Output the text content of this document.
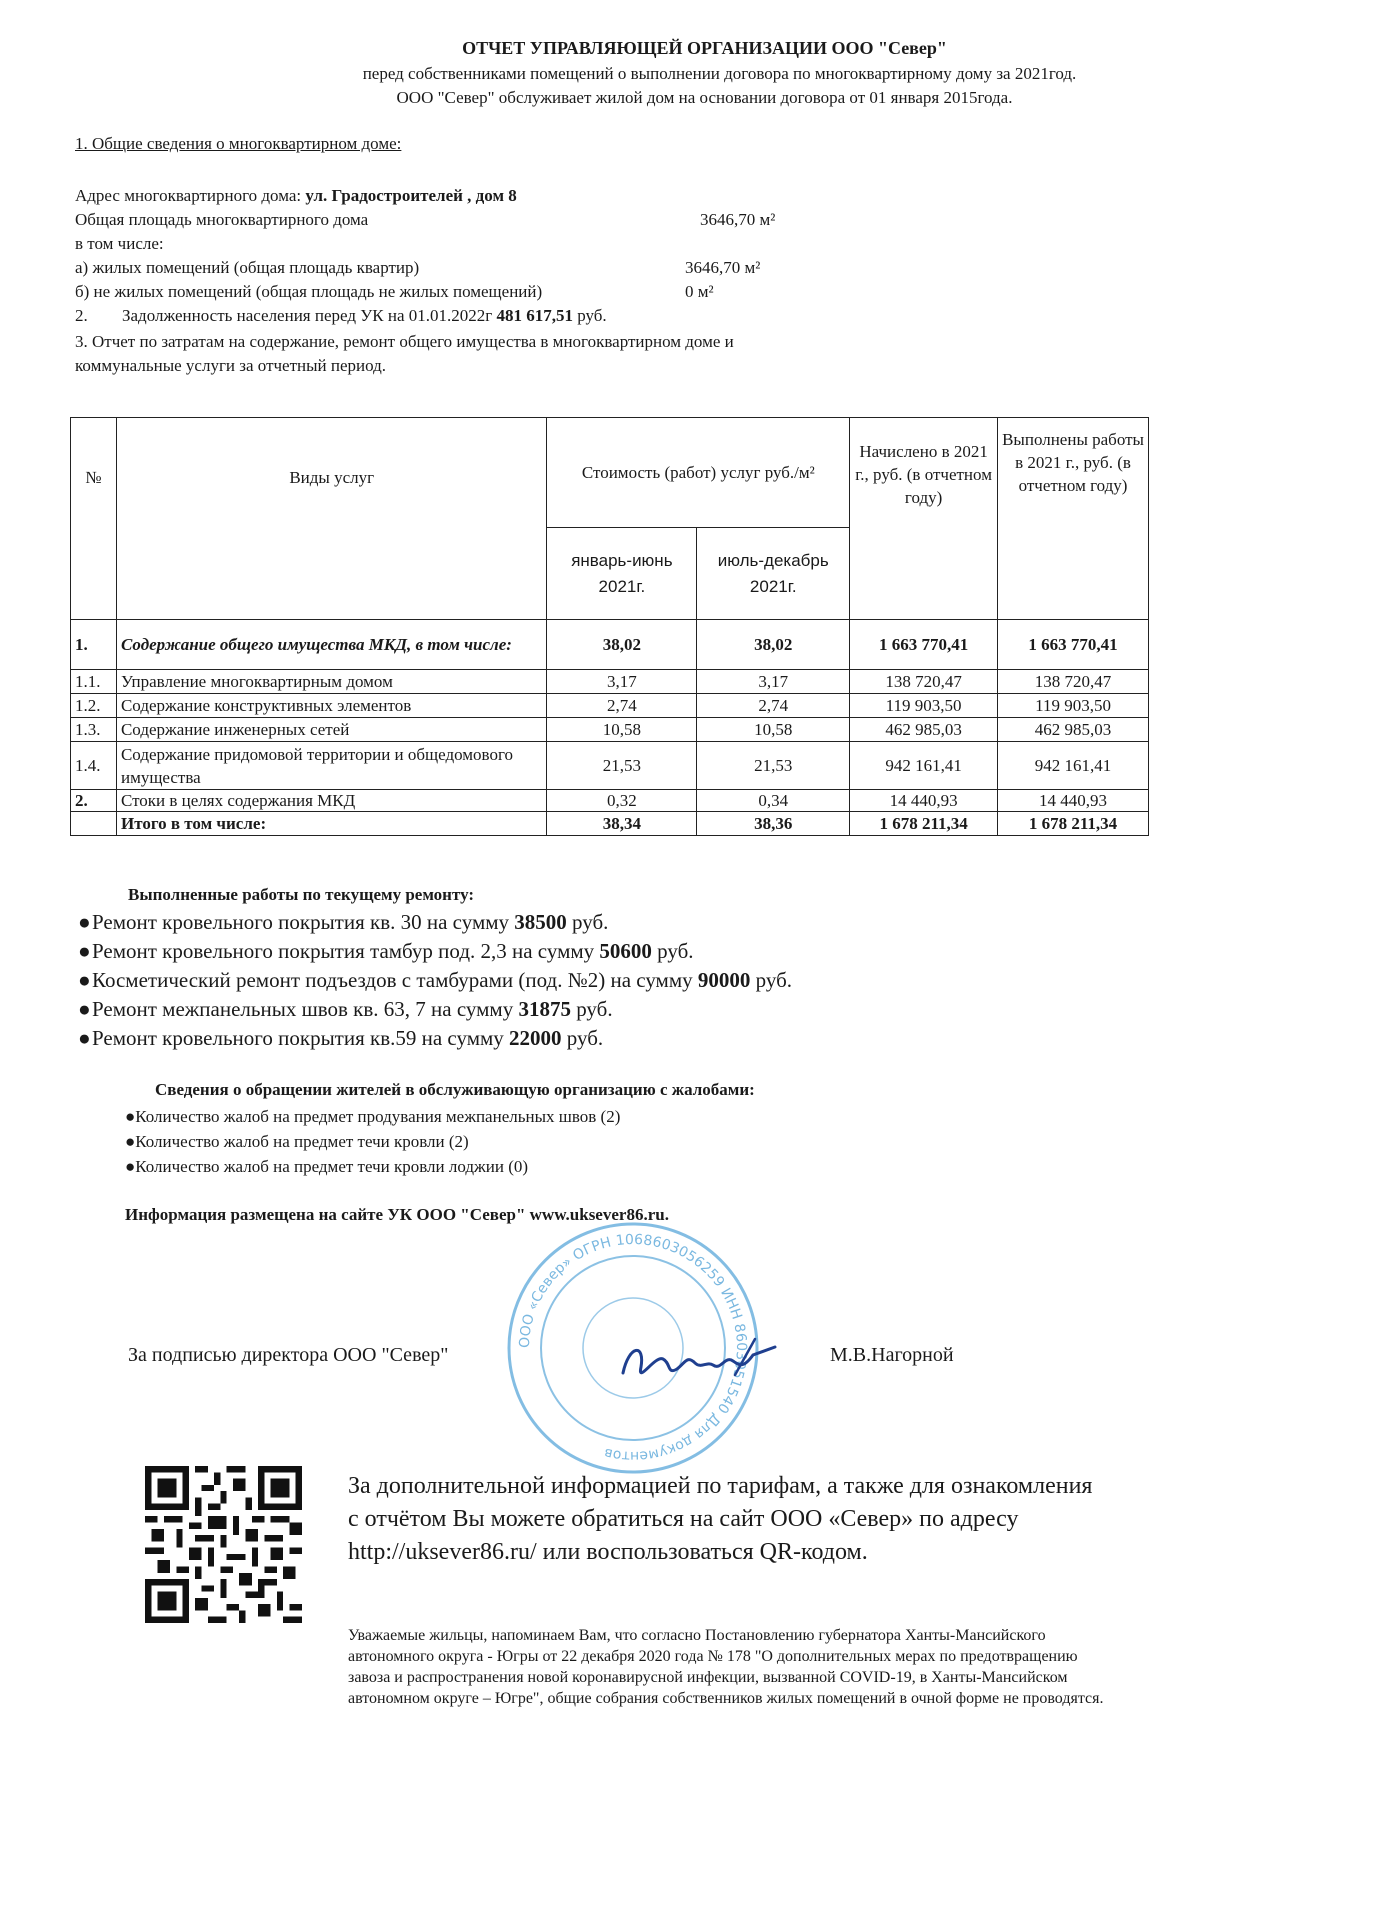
ОТЧЕТ УПРАВЛЯЮЩЕЙ ОРГАНИЗАЦИИ ООО "Север"
перед собственниками помещений о выполнении договора по многоквартирному дому за 2021год.
ООО "Север" обслуживает жилой дом на основании договора от 01 января 2015года.
1. Общие сведения о многоквартирном доме:
Адрес многоквартирного дома: ул. Градостроителей , дом 8
Общая площадь многоквартирного дома	3646,70 м²
в том числе:
а) жилых помещений (общая площадь квартир)	3646,70 м²
б) не жилых помещений (общая площадь не жилых помещений)	0 м²
2. Задолженность населения перед УК на 01.01.2022г 481 617,51 руб.
3. Отчет по затратам на содержание, ремонт общего имущества в многоквартирном доме и
коммунальные услуги за отчетный период.
№	Виды услуг	Стоимость (работ) услуг руб./м²		Начислено в 2021 г., руб. (в отчетном году)	Выполнены работы в 2021 г., руб. (в отчетном году)
		январь-июнь 2021г.	июль-декабрь 2021г.		
1.	Содержание общего имущества МКД, в том числе:	38,02	38,02	1 663 770,41	1 663 770,41
1.1.	Управление многоквартирным домом	3,17	3,17	138 720,47	138 720,47
1.2.	Содержание конструктивных элементов	2,74	2,74	119 903,50	119 903,50
1.3.	Содержание инженерных сетей	10,58	10,58	462 985,03	462 985,03
1.4.	Содержание придомовой территории и общедомового имущества	21,53	21,53	942 161,41	942 161,41
2.	Стоки в целях содержания МКД	0,32	0,34	14 440,93	14 440,93
	Итого в том числе:	38,34	38,36	1 678 211,34	1 678 211,34
Выполненные работы по текущему ремонту:
●Ремонт кровельного покрытия кв. 30 на сумму 38500 руб.
●Ремонт кровельного покрытия тамбур под. 2,3 на сумму 50600 руб.
●Косметический ремонт подъездов с тамбурами (под. №2) на сумму 90000 руб.
●Ремонт межпанельных швов кв. 63, 7 на сумму 31875 руб.
●Ремонт кровельного покрытия кв.59 на сумму 22000 руб.
Сведения о обращении жителей в обслуживающую организацию с жалобами:
●Количество жалоб на предмет продувания межпанельных швов (2)
●Количество жалоб на предмет течи кровли (2)
●Количество жалоб на предмет течи кровли лоджии (0)
Информация размещена на сайте УК ООО "Север" www.uksever86.ru.
ООО «Север» ОГРН 1068603056259 ИНН 8603051540 Для документов
За подписью директора ООО "Север"	М.В.Нагорной
За дополнительной информацией по тарифам, а также для ознакомления с отчётом Вы можете обратиться на сайт ООО «Север» по адресу http://uksever86.ru/ или воспользоваться QR-кодом.
Уважаемые жильцы, напоминаем Вам, что согласно Постановлению губернатора Ханты-Мансийского автономного округа - Югры от 22 декабря 2020 года № 178 "О дополнительных мерах по предотвращению завоза и распространения новой коронавирусной инфекции, вызванной COVID-19, в Ханты-Мансийском автономном округе – Югре", общие собрания собственников жилых помещений в очной форме не проводятся.
